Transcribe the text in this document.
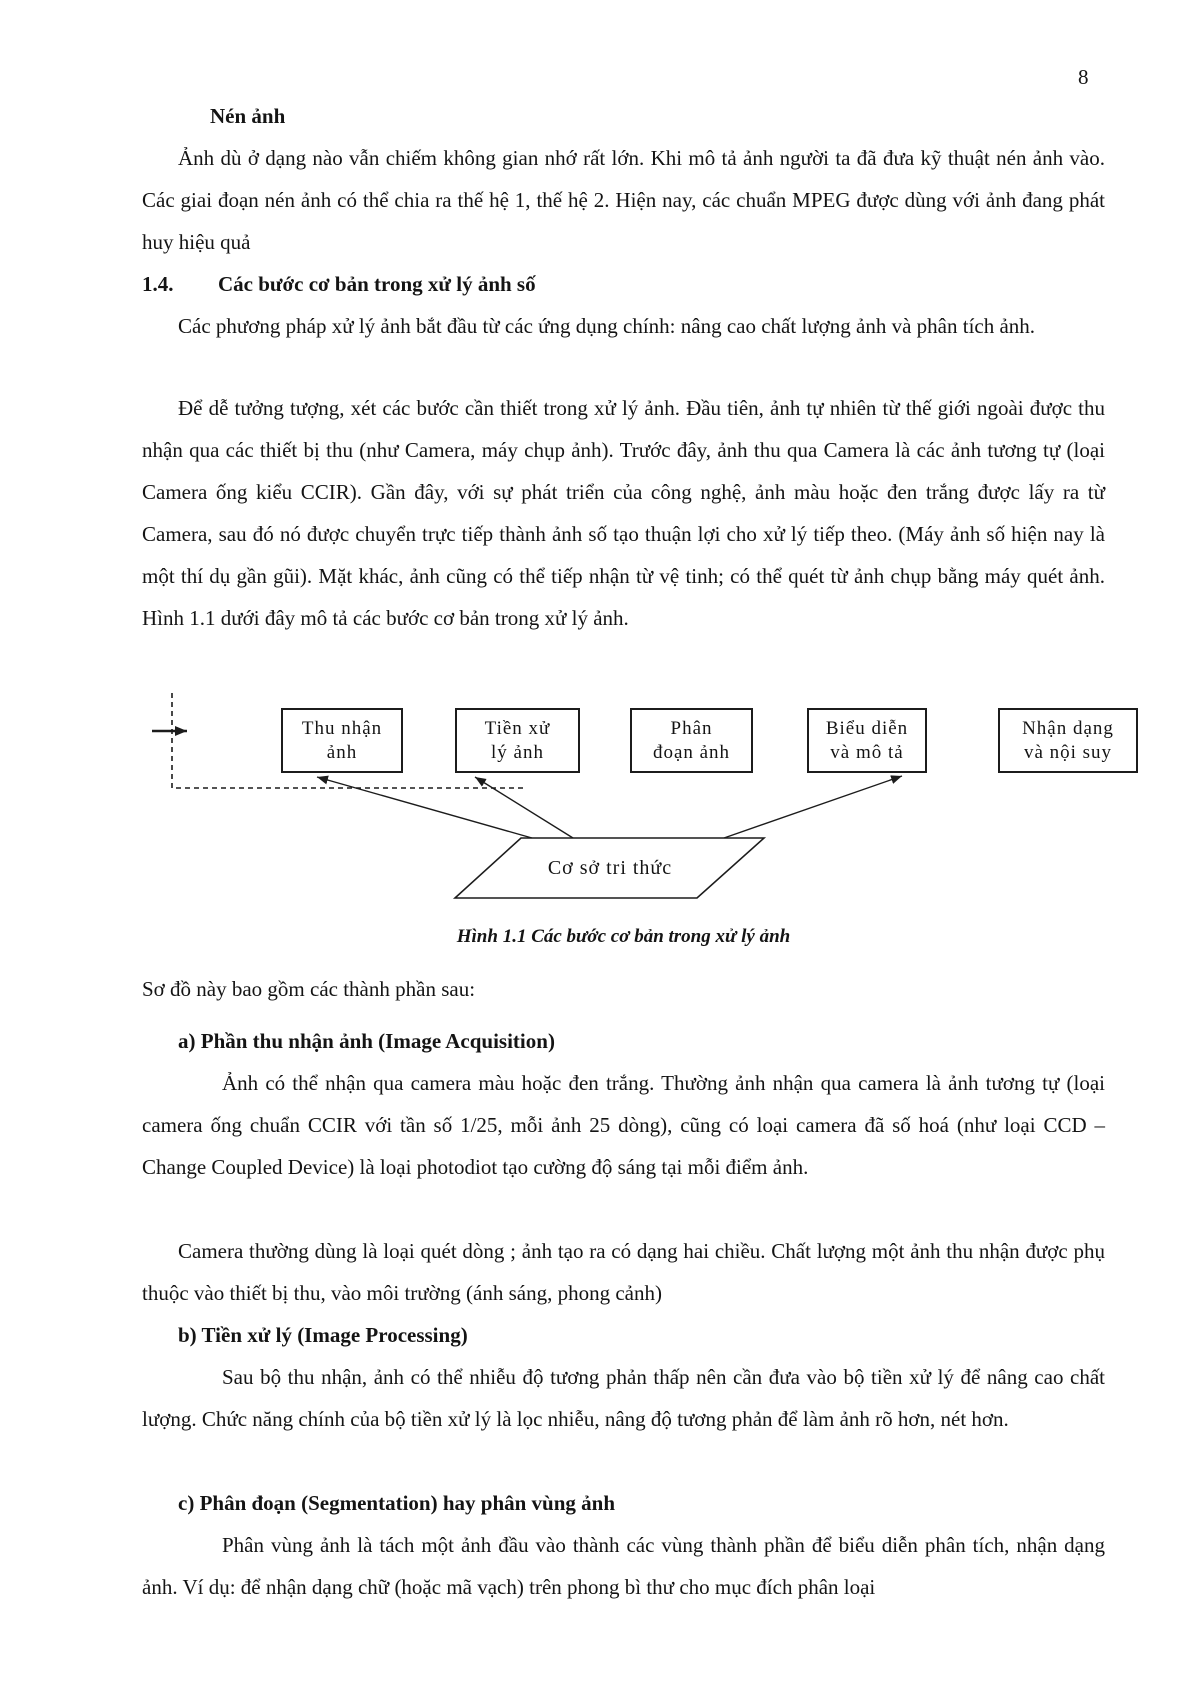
8
Nén ảnh
Ảnh dù ở dạng nào vẫn chiếm không gian nhớ rất lớn. Khi mô tả ảnh người ta đã đưa kỹ thuật nén ảnh vào. Các giai đoạn nén ảnh có thể chia ra thế hệ 1, thế hệ 2. Hiện nay, các chuẩn MPEG được dùng với ảnh đang phát huy hiệu quả
1.4. Các bước cơ bản trong xử lý ảnh số
Các phương pháp xử lý ảnh bắt đầu từ các ứng dụng chính: nâng cao chất lượng ảnh và phân tích ảnh.
Để dễ tưởng tượng, xét các bước cần thiết trong xử lý ảnh. Đầu tiên, ảnh tự nhiên từ thế giới ngoài được thu nhận qua các thiết bị thu (như Camera, máy chụp ảnh). Trước đây, ảnh thu qua Camera là các ảnh tương tự (loại Camera ống kiểu CCIR). Gần đây, với sự phát triển của công nghệ, ảnh màu hoặc đen trắng được lấy ra từ Camera, sau đó nó được chuyển trực tiếp thành ảnh số tạo thuận lợi cho xử lý tiếp theo. (Máy ảnh số hiện nay là một thí dụ gần gũi). Mặt khác, ảnh cũng có thể tiếp nhận từ vệ tinh; có thể quét từ ảnh chụp bằng máy quét ảnh. Hình 1.1 dưới đây mô tả các bước cơ bản trong xử lý ảnh.
Thu nhận
ảnh
Tiền xử
lý ảnh
Phân
đoạn ảnh
Biểu diễn
và mô tả
Nhận dạng
và nội suy
Cơ sở tri thức
Hình 1.1 Các bước cơ bản trong xử lý ảnh
Sơ đồ này bao gồm các thành phần sau:
a) Phần thu nhận ảnh (Image Acquisition)
Ảnh có thể nhận qua camera màu hoặc đen trắng. Thường ảnh nhận qua camera là ảnh tương tự (loại camera ống chuẩn CCIR với tần số 1/25, mỗi ảnh 25 dòng), cũng có loại camera đã số hoá (như loại CCD – Change Coupled Device) là loại photodiot tạo cường độ sáng tại mỗi điểm ảnh.
Camera thường dùng là loại quét dòng ; ảnh tạo ra có dạng hai chiều. Chất lượng một ảnh thu nhận được phụ thuộc vào thiết bị thu, vào môi trường (ánh sáng, phong cảnh)
b) Tiền xử lý (Image Processing)
Sau bộ thu nhận, ảnh có thể nhiễu độ tương phản thấp nên cần đưa vào bộ tiền xử lý để nâng cao chất lượng. Chức năng chính của bộ tiền xử lý là lọc nhiễu, nâng độ tương phản để làm ảnh rõ hơn, nét hơn.
c) Phân đoạn (Segmentation) hay phân vùng ảnh
Phân vùng ảnh là tách một ảnh đầu vào thành các vùng thành phần để biểu diễn phân tích, nhận dạng ảnh. Ví dụ: để nhận dạng chữ (hoặc mã vạch) trên phong bì thư cho mục đích phân loại
